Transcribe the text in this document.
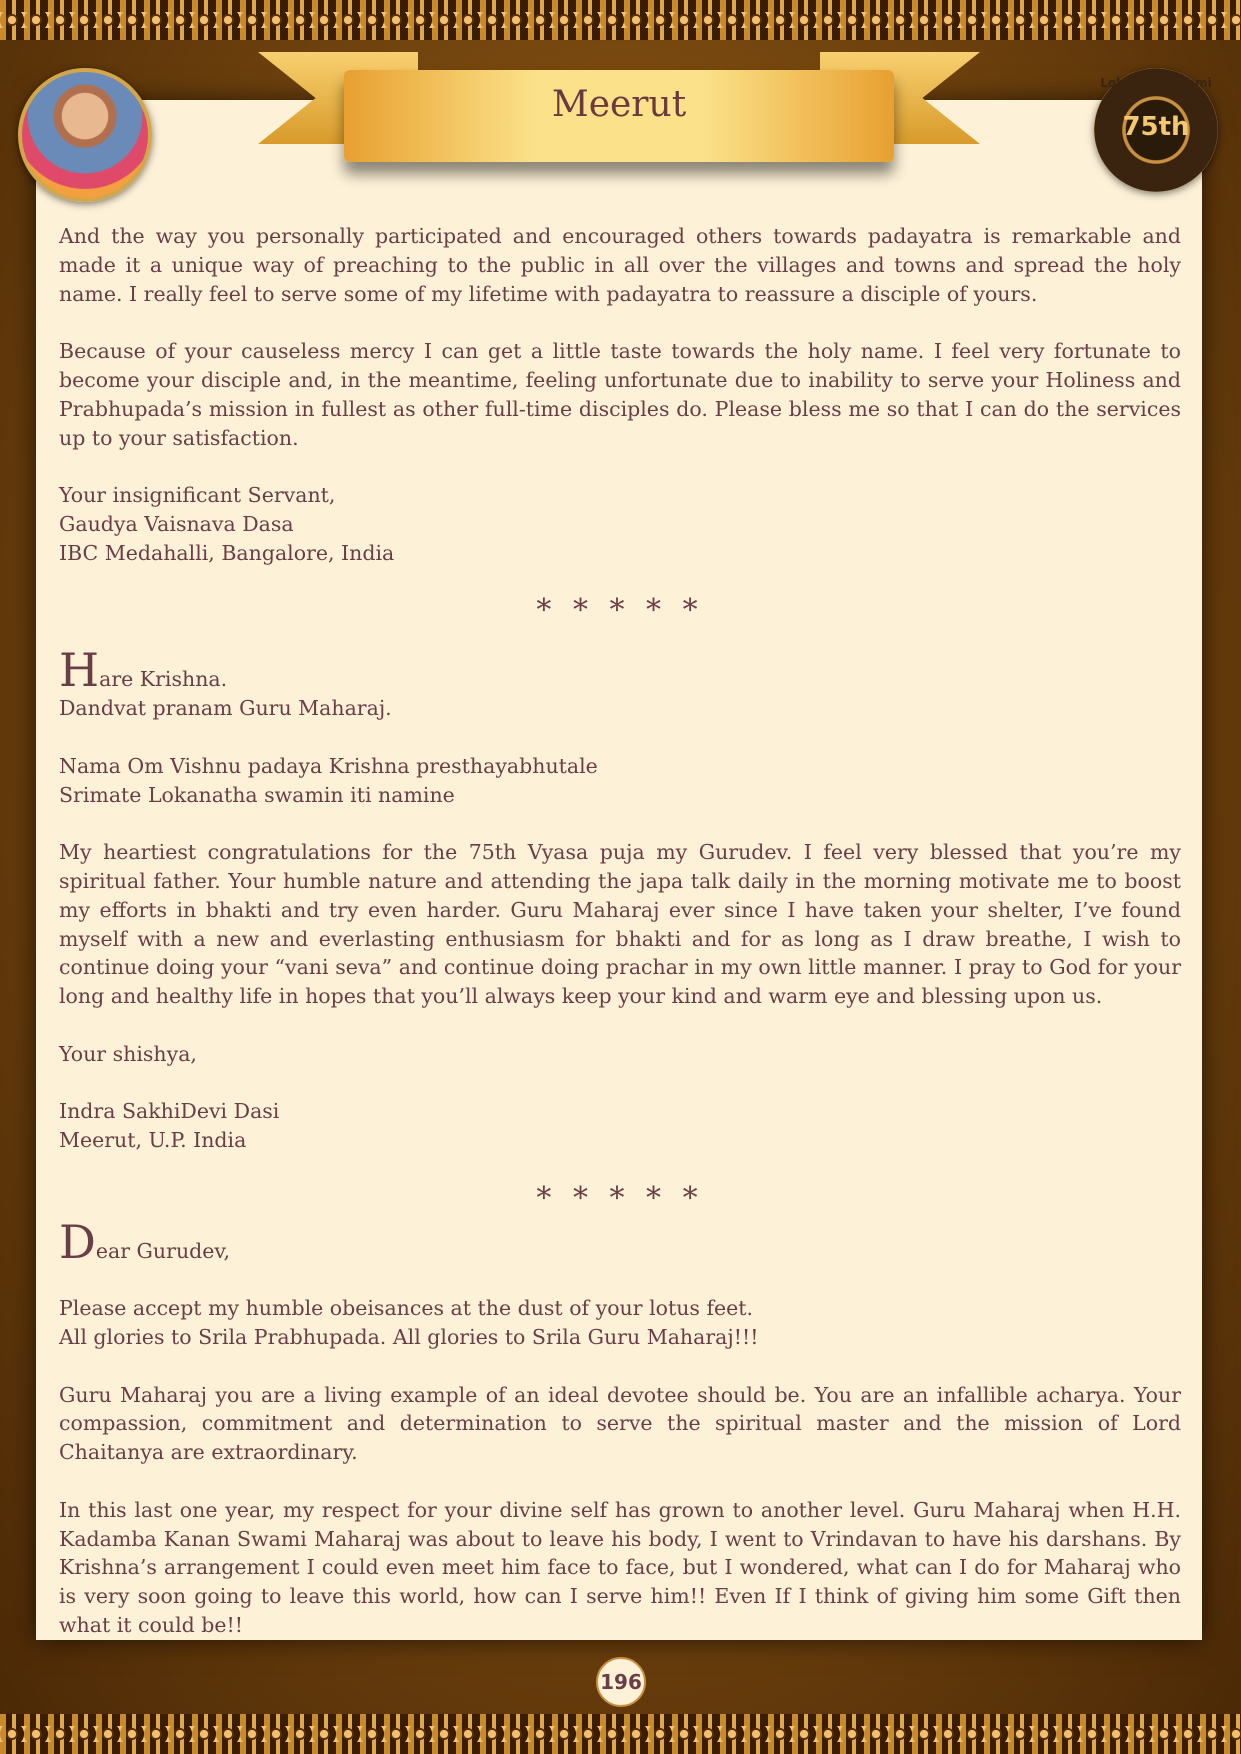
Lokanath Swami
75th
Vyasa Puja
Meerut

And the way you personally participated and encouraged others towards padayatra is remarkable and made it a unique way of preaching to the public in all over the villages and towns and spread the holy name. I really feel to serve some of my lifetime with padayatra to reassure a disciple of yours.

Because of your causeless mercy I can get a little taste towards the holy name. I feel very fortunate to become your disciple and, in the meantime, feeling unfortunate due to inability to serve your Holiness and Prabhupada’s mission in fullest as other full-time disciples do. Please bless me so that I can do the services up to your satisfaction.

Your insignificant Servant,
Gaudya Vaisnava Dasa
IBC Medahalli, Bangalore, India

* * * * *

Hare Krishna.
Dandvat pranam Guru Maharaj.

Nama Om Vishnu padaya Krishna presthayabhutale
Srimate Lokanatha swamin iti namine

My heartiest congratulations for the 75th Vyasa puja my Gurudev. I feel very blessed that you’re my spiritual father. Your humble nature and attending the japa talk daily in the morning motivate me to boost my efforts in bhakti and try even harder. Guru Maharaj ever since I have taken your shelter, I’ve found myself with a new and everlasting enthusiasm for bhakti and for as long as I draw breathe, I wish to continue doing your “vani seva” and continue doing prachar in my own little manner. I pray to God for your long and healthy life in hopes that you’ll always keep your kind and warm eye and blessing upon us.

Your shishya,

Indra SakhiDevi Dasi
Meerut, U.P. India

* * * * *

Dear Gurudev,

Please accept my humble obeisances at the dust of your lotus feet.
All glories to Srila Prabhupada. All glories to Srila Guru Maharaj!!!

Guru Maharaj you are a living example of an ideal devotee should be. You are an infallible acharya. Your compassion, commitment and determination to serve the spiritual master and the mission of Lord Chaitanya are extraordinary.

In this last one year, my respect for your divine self has grown to another level. Guru Maharaj when H.H. Kadamba Kanan Swami Maharaj was about to leave his body, I went to Vrindavan to have his darshans. By Krishna’s arrangement I could even meet him face to face, but I wondered, what can I do for Maharaj who is very soon going to leave this world, how can I serve him!! Even If I think of giving him some Gift then what it could be!!

196
